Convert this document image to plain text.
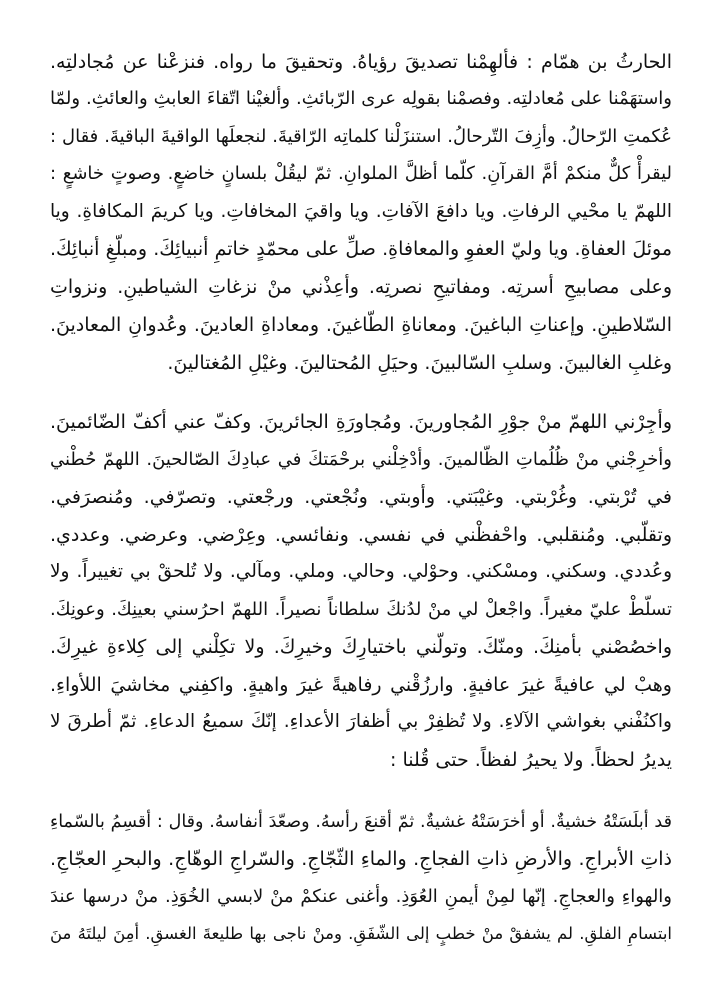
الحارثُ بن همّام : فألهِمْنا تصديقَ رؤياهُ. وتحقيقَ ما رواه. فنزعْنا عن مُجادلتِه.
واستهَمْنا على مُعادلتِه. وفصمْنا بقولِه عرى الرّبائثِ. وألغيْنا اتّقاءَ العابثِ والعائثِ. ولمّا
عُكمتِ الرّحالُ. وأزِفَ التّرحالُ. استنزَلْنا كلماتِه الرّاقيةَ. لنجعلَها الواقيةَ الباقيةَ. فقال :
ليقرأْ كلٌّ منكمْ أمَّ القرآنِ. كلّما أظلَّ الملوانِ. ثمّ ليقُلْ بلسانٍ خاضعٍ. وصوتٍ خاشعٍ :
اللهمّ يا محْيي الرفاتِ. ويا دافعَ الآفاتِ. ويا واقيَ المخافاتِ. ويا كريمَ المكافاةِ. ويا
موئلَ العفاةِ. ويا وليّ العفوِ والمعافاةِ. صلِّ على محمّدٍ خاتمِ أنبيائِكَ. ومبلّغِ أنبائِكَ.
وعلى مصابيحِ أسرتِه. ومفاتيحِ نصرتِه. وأعِذْني منْ نزغاتِ الشياطينِ. ونزواتِ
السّلاطينِ. وإعناتِ الباغينَ. ومعاناةِ الطّاغينَ. ومعاداةِ العادينَ. وعُدوانِ المعادينَ.
وغلبِ الغالبينَ. وسلبِ السّالبينَ. وحيَلِ المُحتالينَ. وغيْلِ المُغتالينَ.
وأجِرْني اللهمّ منْ جوْرِ المُجاورينَ. ومُجاورَةِ الجائرينَ. وكفّ عني أكفّ الضّائمينَ.
وأخرِجْني منْ ظُلُماتِ الظّالمينَ. وأدْخِلْني برحْمَتكَ في عبادِكَ الصّالحينَ. اللهمّ حُطْني
في تُرْبتي. وغُرْبتي. وغيْبَتي. وأوبتي. ونُجْعتي. ورجْعتي. وتصرّفي. ومُنصرَفي.
وتقلّبي. ومُنقلبي. واحْفظْني في نفسي. ونفائسي. وعِرْضي. وعرضي. وعددي.
وعُددي. وسكني. ومسْكني. وحوْلي. وحالي. وملي. ومآلي. ولا تُلحقْ بي تغييراً. ولا
تسلّطْ عليّ مغيراً. واجْعلْ لي منْ لدُنكَ سلطاناً نصيراً. اللهمّ احرُسني بعينِكَ. وعونِكَ.
واخصُصْني بأمنِكَ. ومنّكَ. وتولّني باختيارِكَ وخيرِكَ. ولا تكِلْني إلى كِلاءةِ غيرِكَ.
وهبْ لي عافيةً غيرَ عافيةٍ. وارزُقْني رفاهيةً غيرَ واهيةٍ. واكفِني مخاشيَ اللأواءِ.
واكنُفْني بغواشي الآلاءِ. ولا تُظفِرْ بي أظفارَ الأعداءِ. إنّكَ سميعُ الدعاءِ. ثمّ أطرقَ لا
يديرُ لحظاً. ولا يحيرُ لفظاً. حتى قُلنا :
قد أبلَسَتْهُ خشيةٌ. أو أخرَسَتْهُ غشيةٌ. ثمّ أقنعَ رأسهُ. وصعّدَ أنفاسهُ. وقال : أقسِمُ بالسّماءِ
ذاتِ الأبراجِ. والأرضِ ذاتِ الفجاجِ. والماءِ الثّجّاجِ. والسّراجِ الوهّاجِ. والبحرِ العجّاجِ.
والهواءِ والعجاجِ. إنّها لمِنْ أيمنِ العُوَذِ. وأغنى عنكمْ منْ لابسي الخُوَذِ. منْ درسها عندَ
ابتسامِ الفلقِ. لم يشفقْ منْ خطبٍ إلى الشّفَقِ. ومنْ ناجى بها طليعةَ الغسقِ. أمِنَ ليلتَهُ منَ
